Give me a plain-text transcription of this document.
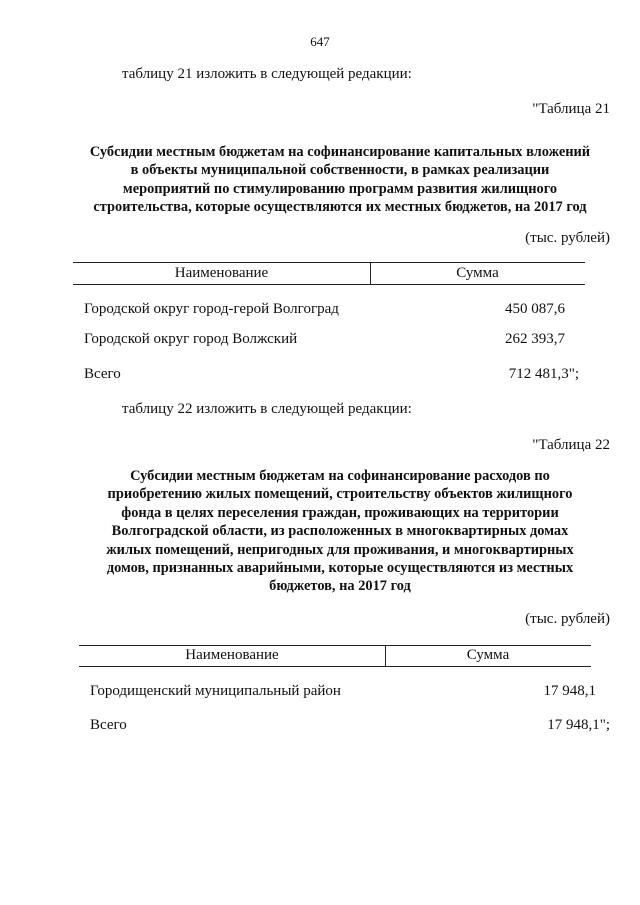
647
таблицу 21 изложить в следующей редакции:
"Таблица 21
Субсидии местным бюджетам на софинансирование капитальных вложений
в объекты муниципальной собственности, в рамках реализации
мероприятий по стимулированию программ развития жилищного
строительства, которые осуществляются их местных бюджетов, на 2017 год
(тыс. рублей)
Наименование	Сумма
Городской округ город-герой Волгоград	450 087,6
Городской округ город Волжский	262 393,7
Всего	712 481,3";
таблицу 22 изложить в следующей редакции:
"Таблица 22
Субсидии местным бюджетам на софинансирование расходов по
приобретению жилых помещений, строительству объектов жилищного
фонда в целях переселения граждан, проживающих на территории
Волгоградской области, из расположенных в многоквартирных домах
жилых помещений, непригодных для проживания, и многоквартирных
домов, признанных аварийными, которые осуществляются из местных
бюджетов, на 2017 год
(тыс. рублей)
Наименование	Сумма
Городищенский муниципальный район	17 948,1
Всего	17 948,1";
